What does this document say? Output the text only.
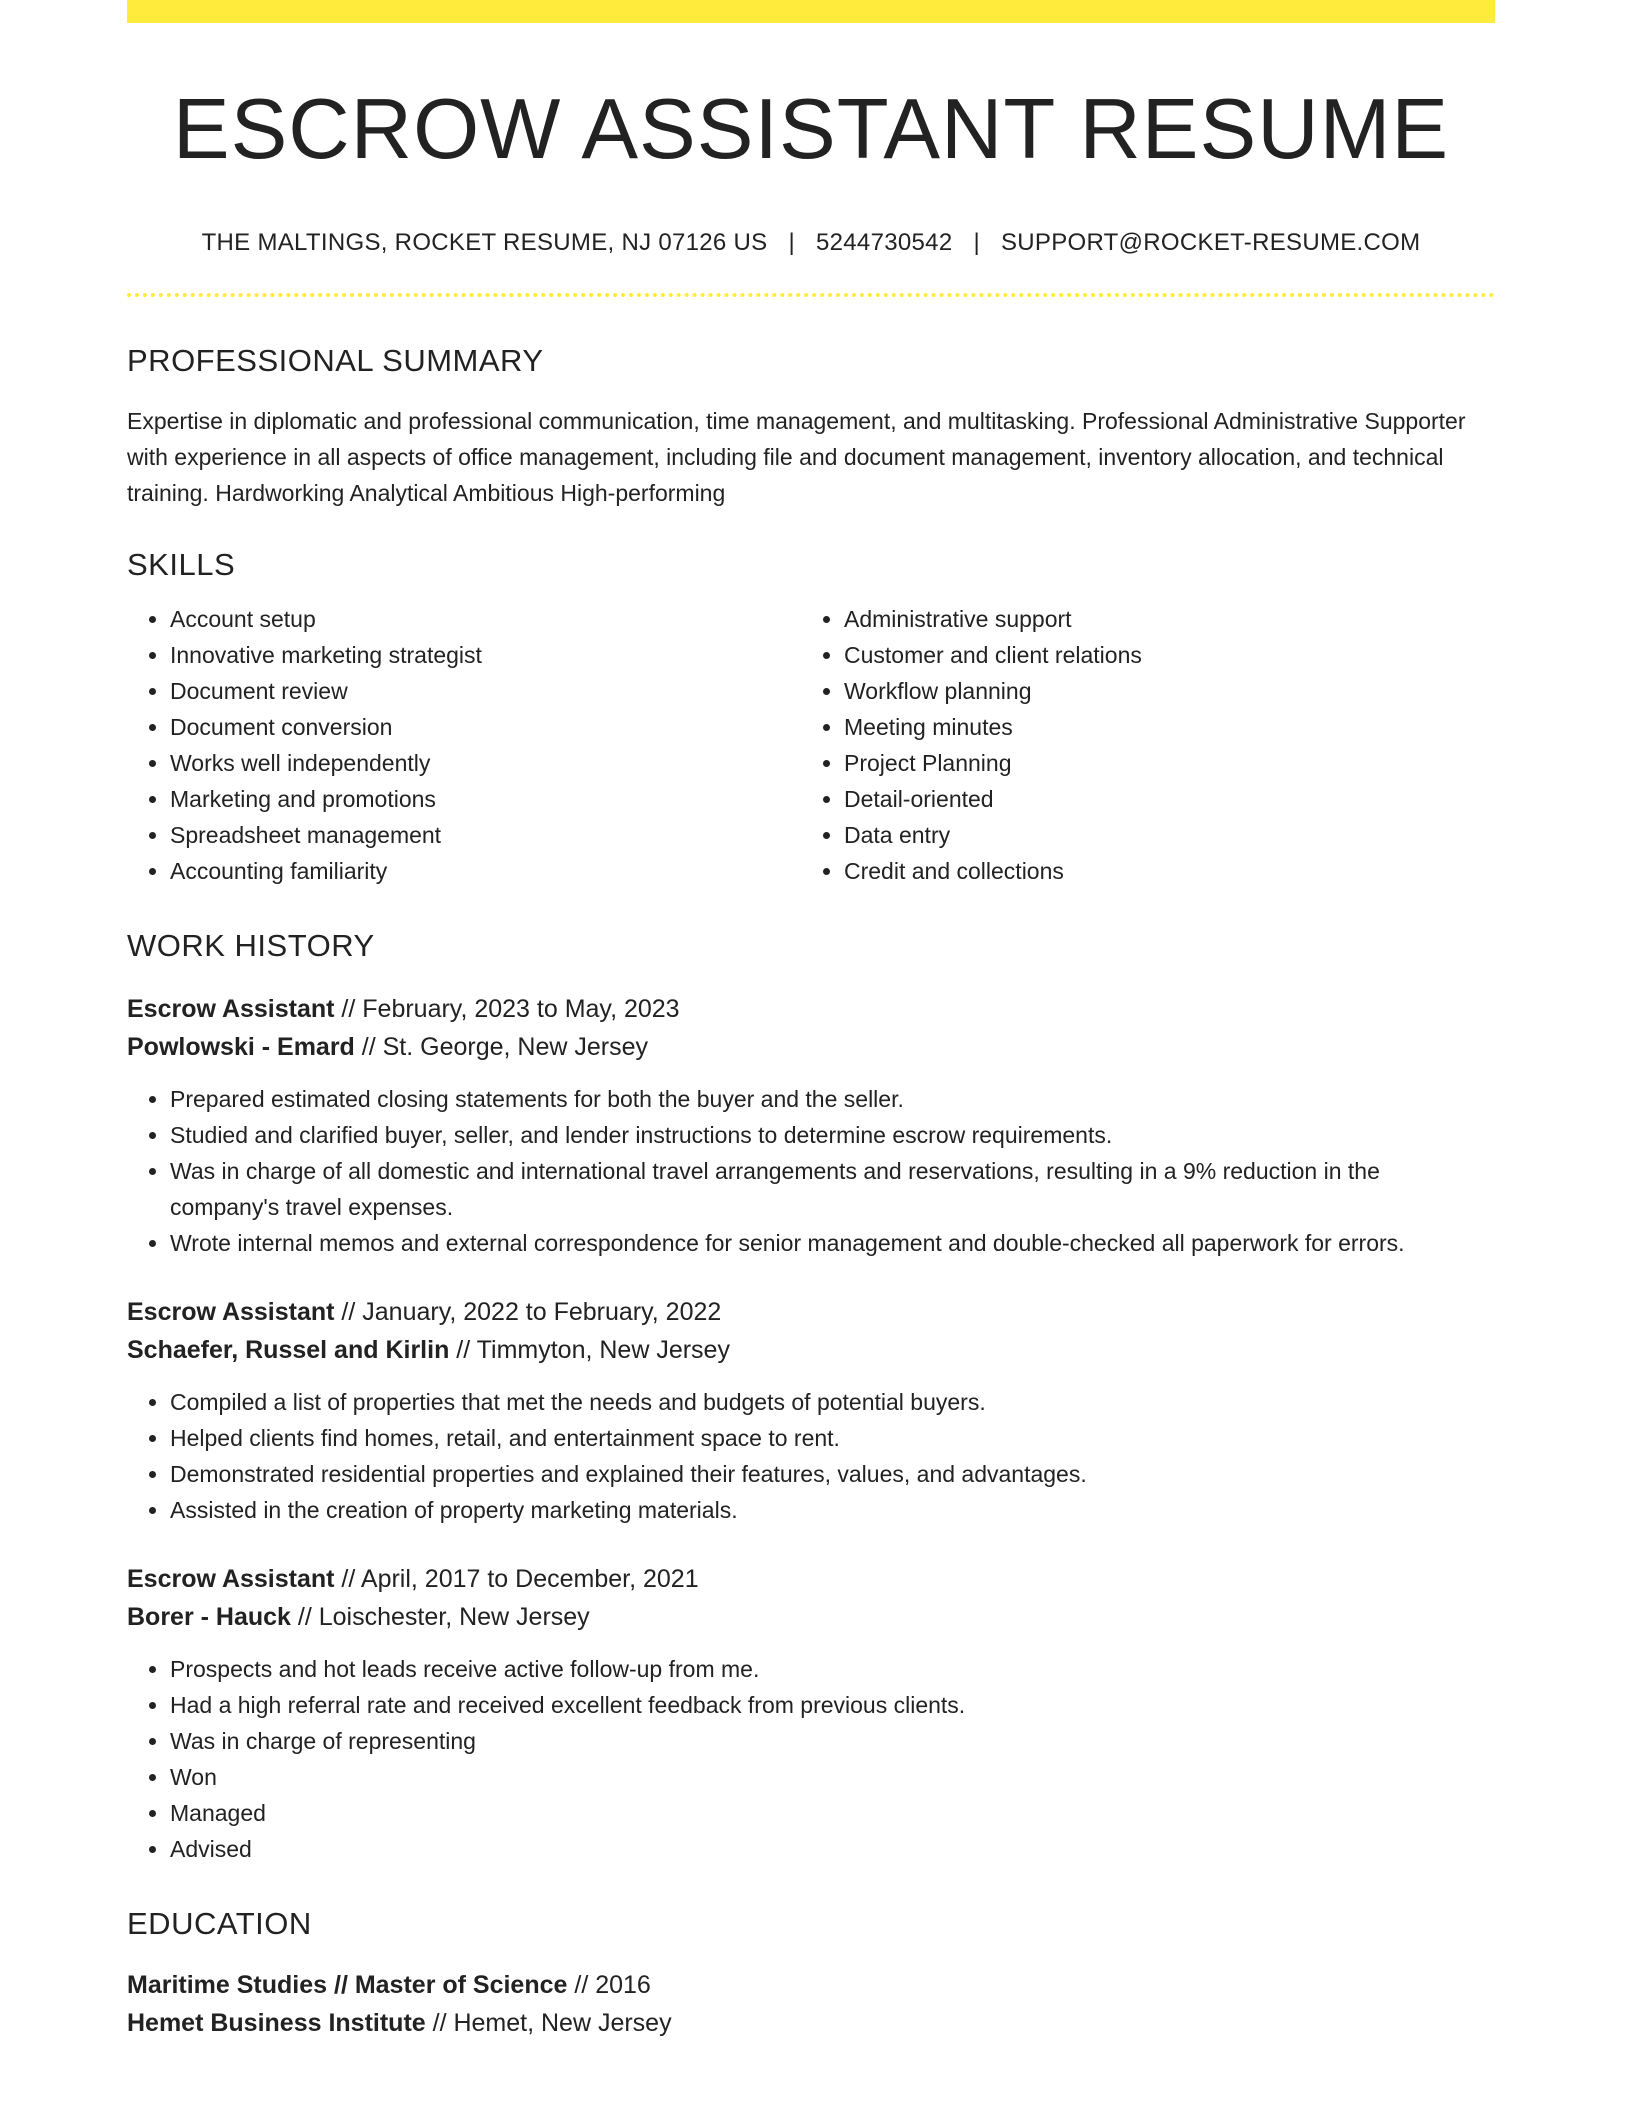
ESCROW ASSISTANT RESUME
THE MALTINGS, ROCKET RESUME, NJ 07126 US | 5244730542 | SUPPORT@ROCKET-RESUME.COM
PROFESSIONAL SUMMARY
Expertise in diplomatic and professional communication, time management, and multitasking. Professional Administrative Supporter with experience in all aspects of office management, including file and document management, inventory allocation, and technical training. Hardworking Analytical Ambitious High-performing
SKILLS
• Account setup
• Innovative marketing strategist
• Document review
• Document conversion
• Works well independently
• Marketing and promotions
• Spreadsheet management
• Accounting familiarity
• Administrative support
• Customer and client relations
• Workflow planning
• Meeting minutes
• Project Planning
• Detail-oriented
• Data entry
• Credit and collections
WORK HISTORY
Escrow Assistant // February, 2023 to May, 2023
Powlowski - Emard // St. George, New Jersey
• Prepared estimated closing statements for both the buyer and the seller.
• Studied and clarified buyer, seller, and lender instructions to determine escrow requirements.
• Was in charge of all domestic and international travel arrangements and reservations, resulting in a 9% reduction in the company's travel expenses.
• Wrote internal memos and external correspondence for senior management and double-checked all paperwork for errors.
Escrow Assistant // January, 2022 to February, 2022
Schaefer, Russel and Kirlin // Timmyton, New Jersey
• Compiled a list of properties that met the needs and budgets of potential buyers.
• Helped clients find homes, retail, and entertainment space to rent.
• Demonstrated residential properties and explained their features, values, and advantages.
• Assisted in the creation of property marketing materials.
Escrow Assistant // April, 2017 to December, 2021
Borer - Hauck // Loischester, New Jersey
• Prospects and hot leads receive active follow-up from me.
• Had a high referral rate and received excellent feedback from previous clients.
• Was in charge of representing
• Won
• Managed
• Advised
EDUCATION
Maritime Studies // Master of Science // 2016
Hemet Business Institute // Hemet, New Jersey
